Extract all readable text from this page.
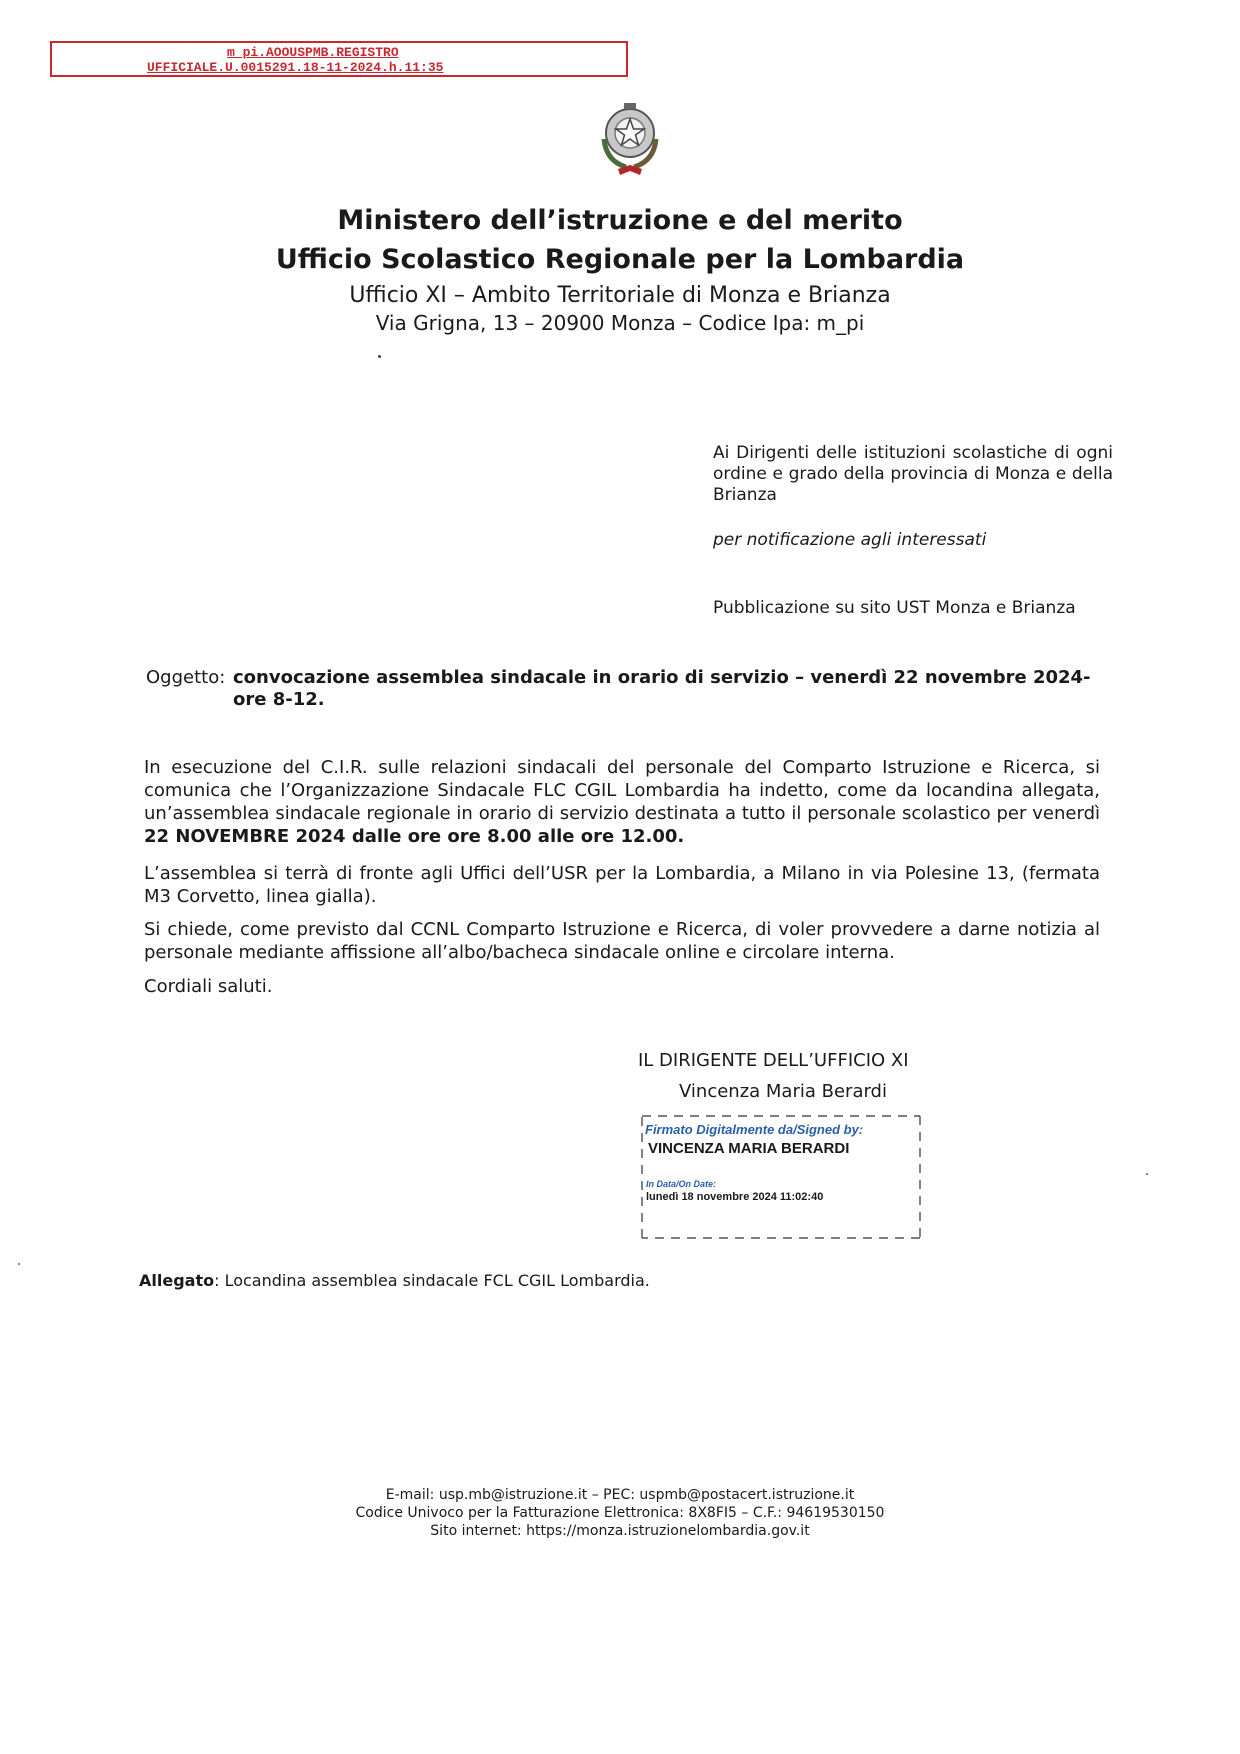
m_pi.AOOUSPMB.REGISTRO
UFFICIALE.U.0015291.18-11-2024.h.11:35
Ministero dell’istruzione e del merito
Ufficio Scolastico Regionale per la Lombardia
Ufficio XI – Ambito Territoriale di Monza e Brianza
Via Grigna, 13 – 20900 Monza – Codice Ipa: m_pi
Ai Dirigenti delle istituzioni scolastiche di ogni ordine e grado della provincia di Monza e della Brianza
per notificazione agli interessati
Pubblicazione su sito UST Monza e Brianza
Oggetto: convocazione assemblea sindacale in orario di servizio – venerdì 22 novembre 2024- ore 8-12.
In esecuzione del C.I.R. sulle relazioni sindacali del personale del Comparto Istruzione e Ricerca, si comunica che l’Organizzazione Sindacale FLC CGIL Lombardia ha indetto, come da locandina allegata, un’assemblea sindacale regionale in orario di servizio destinata a tutto il personale scolastico per venerdì 22 NOVEMBRE 2024 dalle ore ore 8.00 alle ore 12.00.
L’assemblea si terrà di fronte agli Uffici dell’USR per la Lombardia, a Milano in via Polesine 13, (fermata M3 Corvetto, linea gialla).
Si chiede, come previsto dal CCNL Comparto Istruzione e Ricerca, di voler provvedere a darne notizia al personale mediante affissione all’albo/bacheca sindacale online e circolare interna.
Cordiali saluti.
IL DIRIGENTE DELL’UFFICIO XI
Vincenza Maria Berardi
Firmato Digitalmente da/Signed by:
VINCENZA MARIA BERARDI
In Data/On Date:
lunedì 18 novembre 2024 11:02:40
Allegato: Locandina assemblea sindacale FCL CGIL Lombardia.
E-mail: usp.mb@istruzione.it – PEC: uspmb@postacert.istruzione.it
Codice Univoco per la Fatturazione Elettronica: 8X8FI5 – C.F.: 94619530150
Sito internet: https://monza.istruzionelombardia.gov.it
